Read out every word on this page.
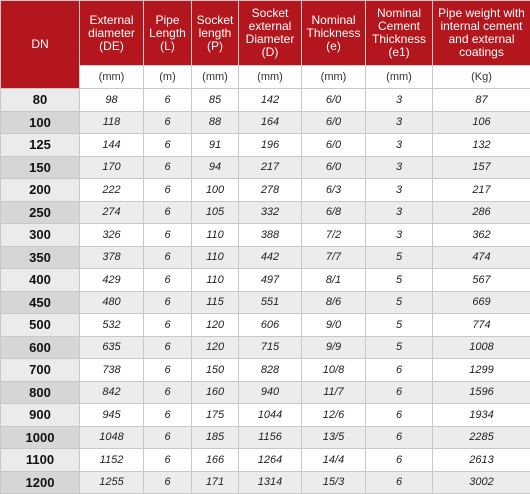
DN	External diameter (DE)	Pipe Length (L)	Socket length (P)	Socket external Diameter (D)	Nominal Thickness (e)	Nominal Cement Thickness (e1)	Pipe weight with internal cement and external coatings
	(mm)	(m)	(mm)	(mm)	(mm)	(mm)	(Kg)
80	98	6	85	142	6/0	3	87
100	118	6	88	164	6/0	3	106
125	144	6	91	196	6/0	3	132
150	170	6	94	217	6/0	3	157
200	222	6	100	278	6/3	3	217
250	274	6	105	332	6/8	3	286
300	326	6	110	388	7/2	3	362
350	378	6	110	442	7/7	5	474
400	429	6	110	497	8/1	5	567
450	480	6	115	551	8/6	5	669
500	532	6	120	606	9/0	5	774
600	635	6	120	715	9/9	5	1008
700	738	6	150	828	10/8	6	1299
800	842	6	160	940	11/7	6	1596
900	945	6	175	1044	12/6	6	1934
1000	1048	6	185	1156	13/5	6	2285
1100	1152	6	166	1264	14/4	6	2613
1200	1255	6	171	1314	15/3	6	3002
